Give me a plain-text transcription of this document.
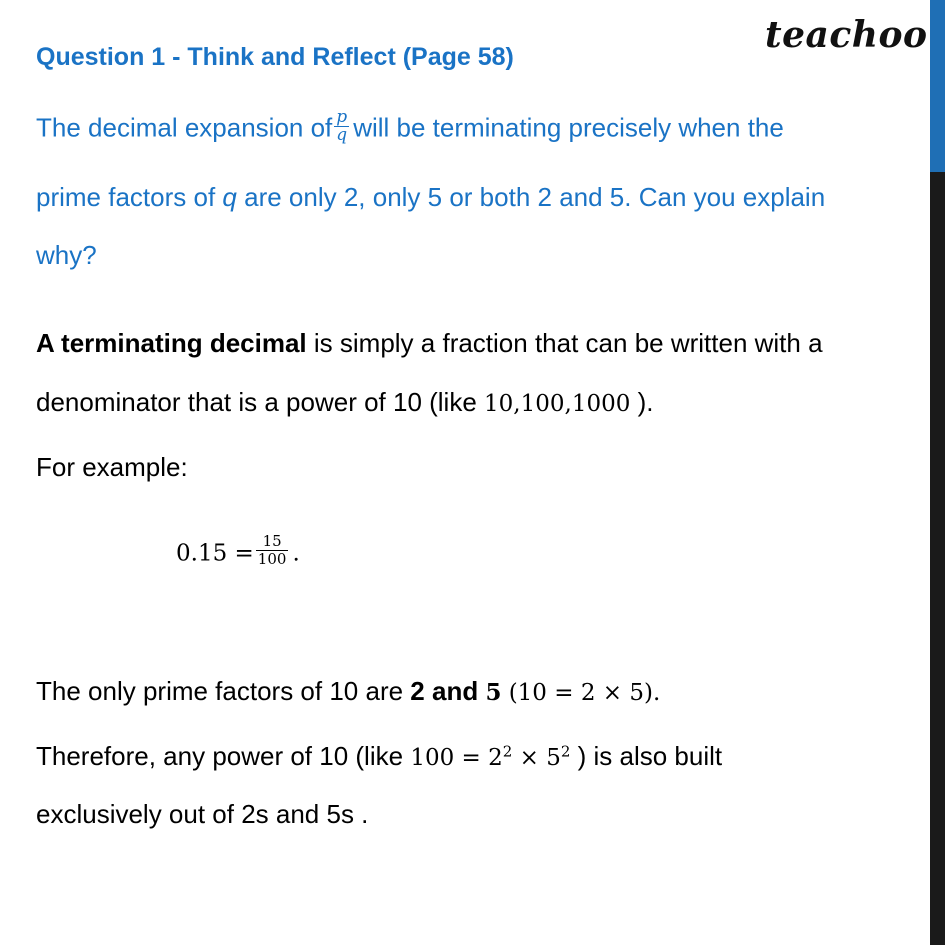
teachoo
Question 1 - Think and Reflect (Page 58)
The decimal expansion of $\frac{p}{q}$ will be terminating precisely when the
prime factors of q are only 2, only 5 or both 2 and 5. Can you explain
why?
A terminating decimal is simply a fraction that can be written with a
denominator that is a power of 10 (like 10,100,1000 ).
For example:
$0.15 = \frac{15}{100}$ .
The only prime factors of 10 are 2 and 5 (10 = 2 × 5).
Therefore, any power of 10 (like $100 = 2^2 \times 5^2$ ) is also built
exclusively out of 2s and 5s .
